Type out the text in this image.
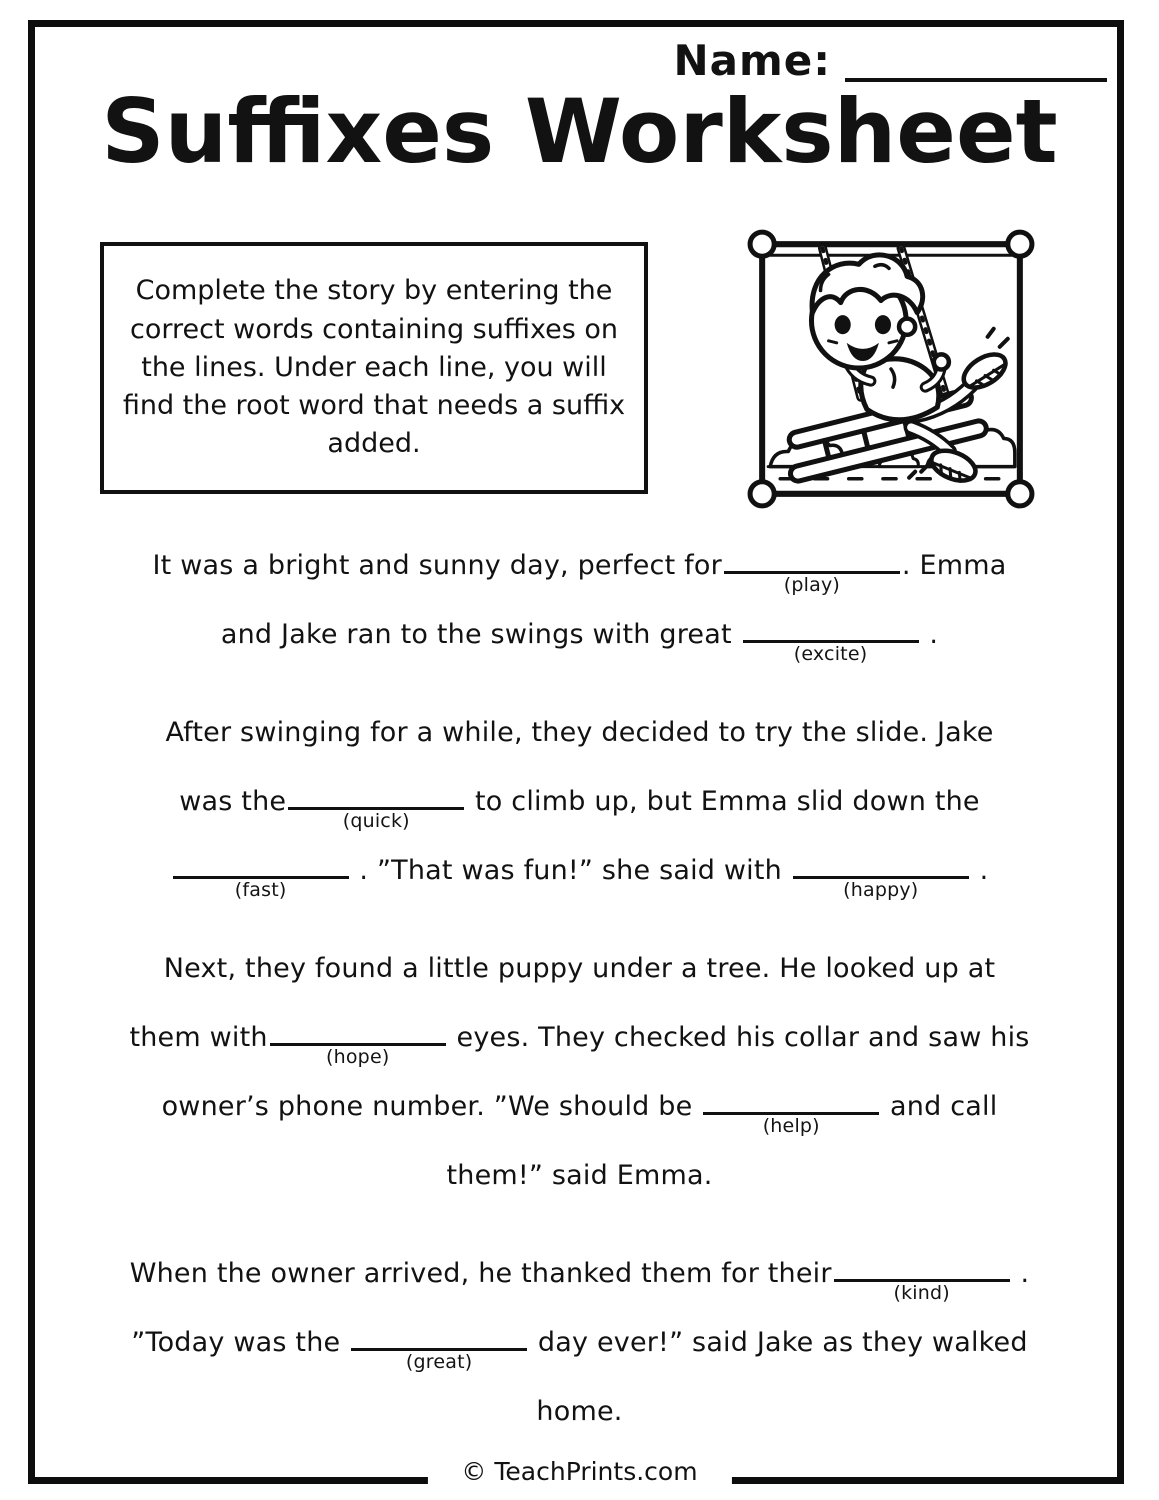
Name:
Suffixes Worksheet
Complete the story by entering the correct words containing suffixes on the lines. Under each line, you will find the root word that needs a suffix added.
It was a bright and sunny day, perfect for
(play)
. Emma
and Jake ran to the swings with great
(excite)
.
After swinging for a while, they decided to try the slide. Jake
was the
(quick)
to climb up, but Emma slid down the
(fast)
. ”That was fun!” she said with
(happy)
.
Next, they found a little puppy under a tree. He looked up at
them with
(hope)
eyes. They checked his collar and saw his
owner’s phone number. ”We should be
(help)
and call
them!” said Emma.
When the owner arrived, he thanked them for their
(kind)
.
”Today was the
(great)
day ever!” said Jake as they walked
home.
© TeachPrints.com
